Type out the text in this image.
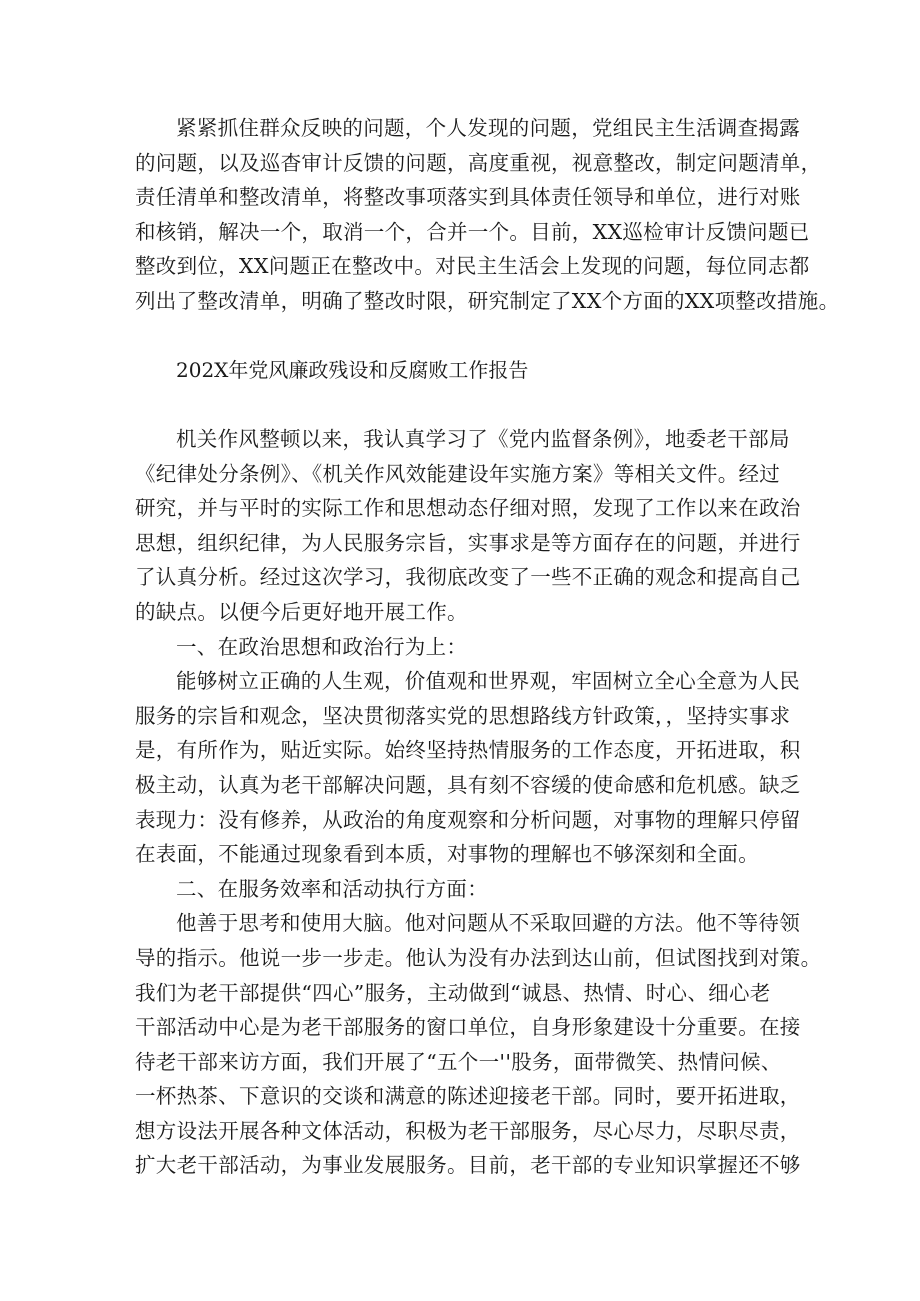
紧紧抓住群众反映的问题，个人发现的问题，党组民主生活调查揭露
的问题，以及巡杳审计反馈的问题，高度重视，视意整改，制定问题清单，
责任清单和整改清单，将整改事项落实到具体责任领导和单位，进行对账
和核销，解决一个，取消一个，合并一个。目前，XX巡检审计反馈问题已
整改到位，XX问题正在整改中。对民主生活会上发现的问题，每位同志都
列出了整改清单，明确了整改时限，研究制定了XX个方面的XX项整改措施。
202X年党风廉政残设和反腐败工作报告
机关作风整顿以来，我认真学习了《党内监督条例》，地委老干部局
《纪律处分条例》、《机关作风效能建设年实施方案》等相关文件。经过
研究，并与平时的实际工作和思想动态仔细对照，发现了工作以来在政治
思想，组织纪律，为人民服务宗旨，实事求是等方面存在的问题，并进行
了认真分析。经过这次学习，我彻底改变了一些不正确的观念和提高自己
的缺点。以便今后更好地开展工作。
一、在政治思想和政治行为上：
能够树立正确的人生观，价值观和世界观，牢固树立全心全意为人民
服务的宗旨和观念，坚决贯彻落实党的思想路线方针政策，，坚持实事求
是，有所作为，贴近实际。始终坚持热情服务的工作态度，开拓进取，积
极主动，认真为老干部解决问题，具有刻不容缓的使命感和危机感。缺乏
表现力：没有修养，从政治的角度观察和分析问题，对事物的理解只停留
在表面，不能通过现象看到本质，对事物的理解也不够深刻和全面。
二、在服务效率和活动执行方面：
他善于思考和使用大脑。他对问题从不采取回避的方法。他不等待领
导的指示。他说一步一步走。他认为没有办法到达山前，但试图找到对策。
我们为老干部提供“四心”服务，主动做到“诚恳、热情、时心、细心老
干部活动中心是为老干部服务的窗口单位，自身形象建设十分重要。在接
待老干部来访方面，我们开展了“五个一''股务，面带微笑、热情问候、
一杯热茶、下意识的交谈和满意的陈述迎接老干部。同时，要开拓进取，
想方设法开展各种文体活动，积极为老干部服务，尽心尽力，尽职尽责，
扩大老干部活动，为事业发展服务。目前，老干部的专业知识掌握还不够
